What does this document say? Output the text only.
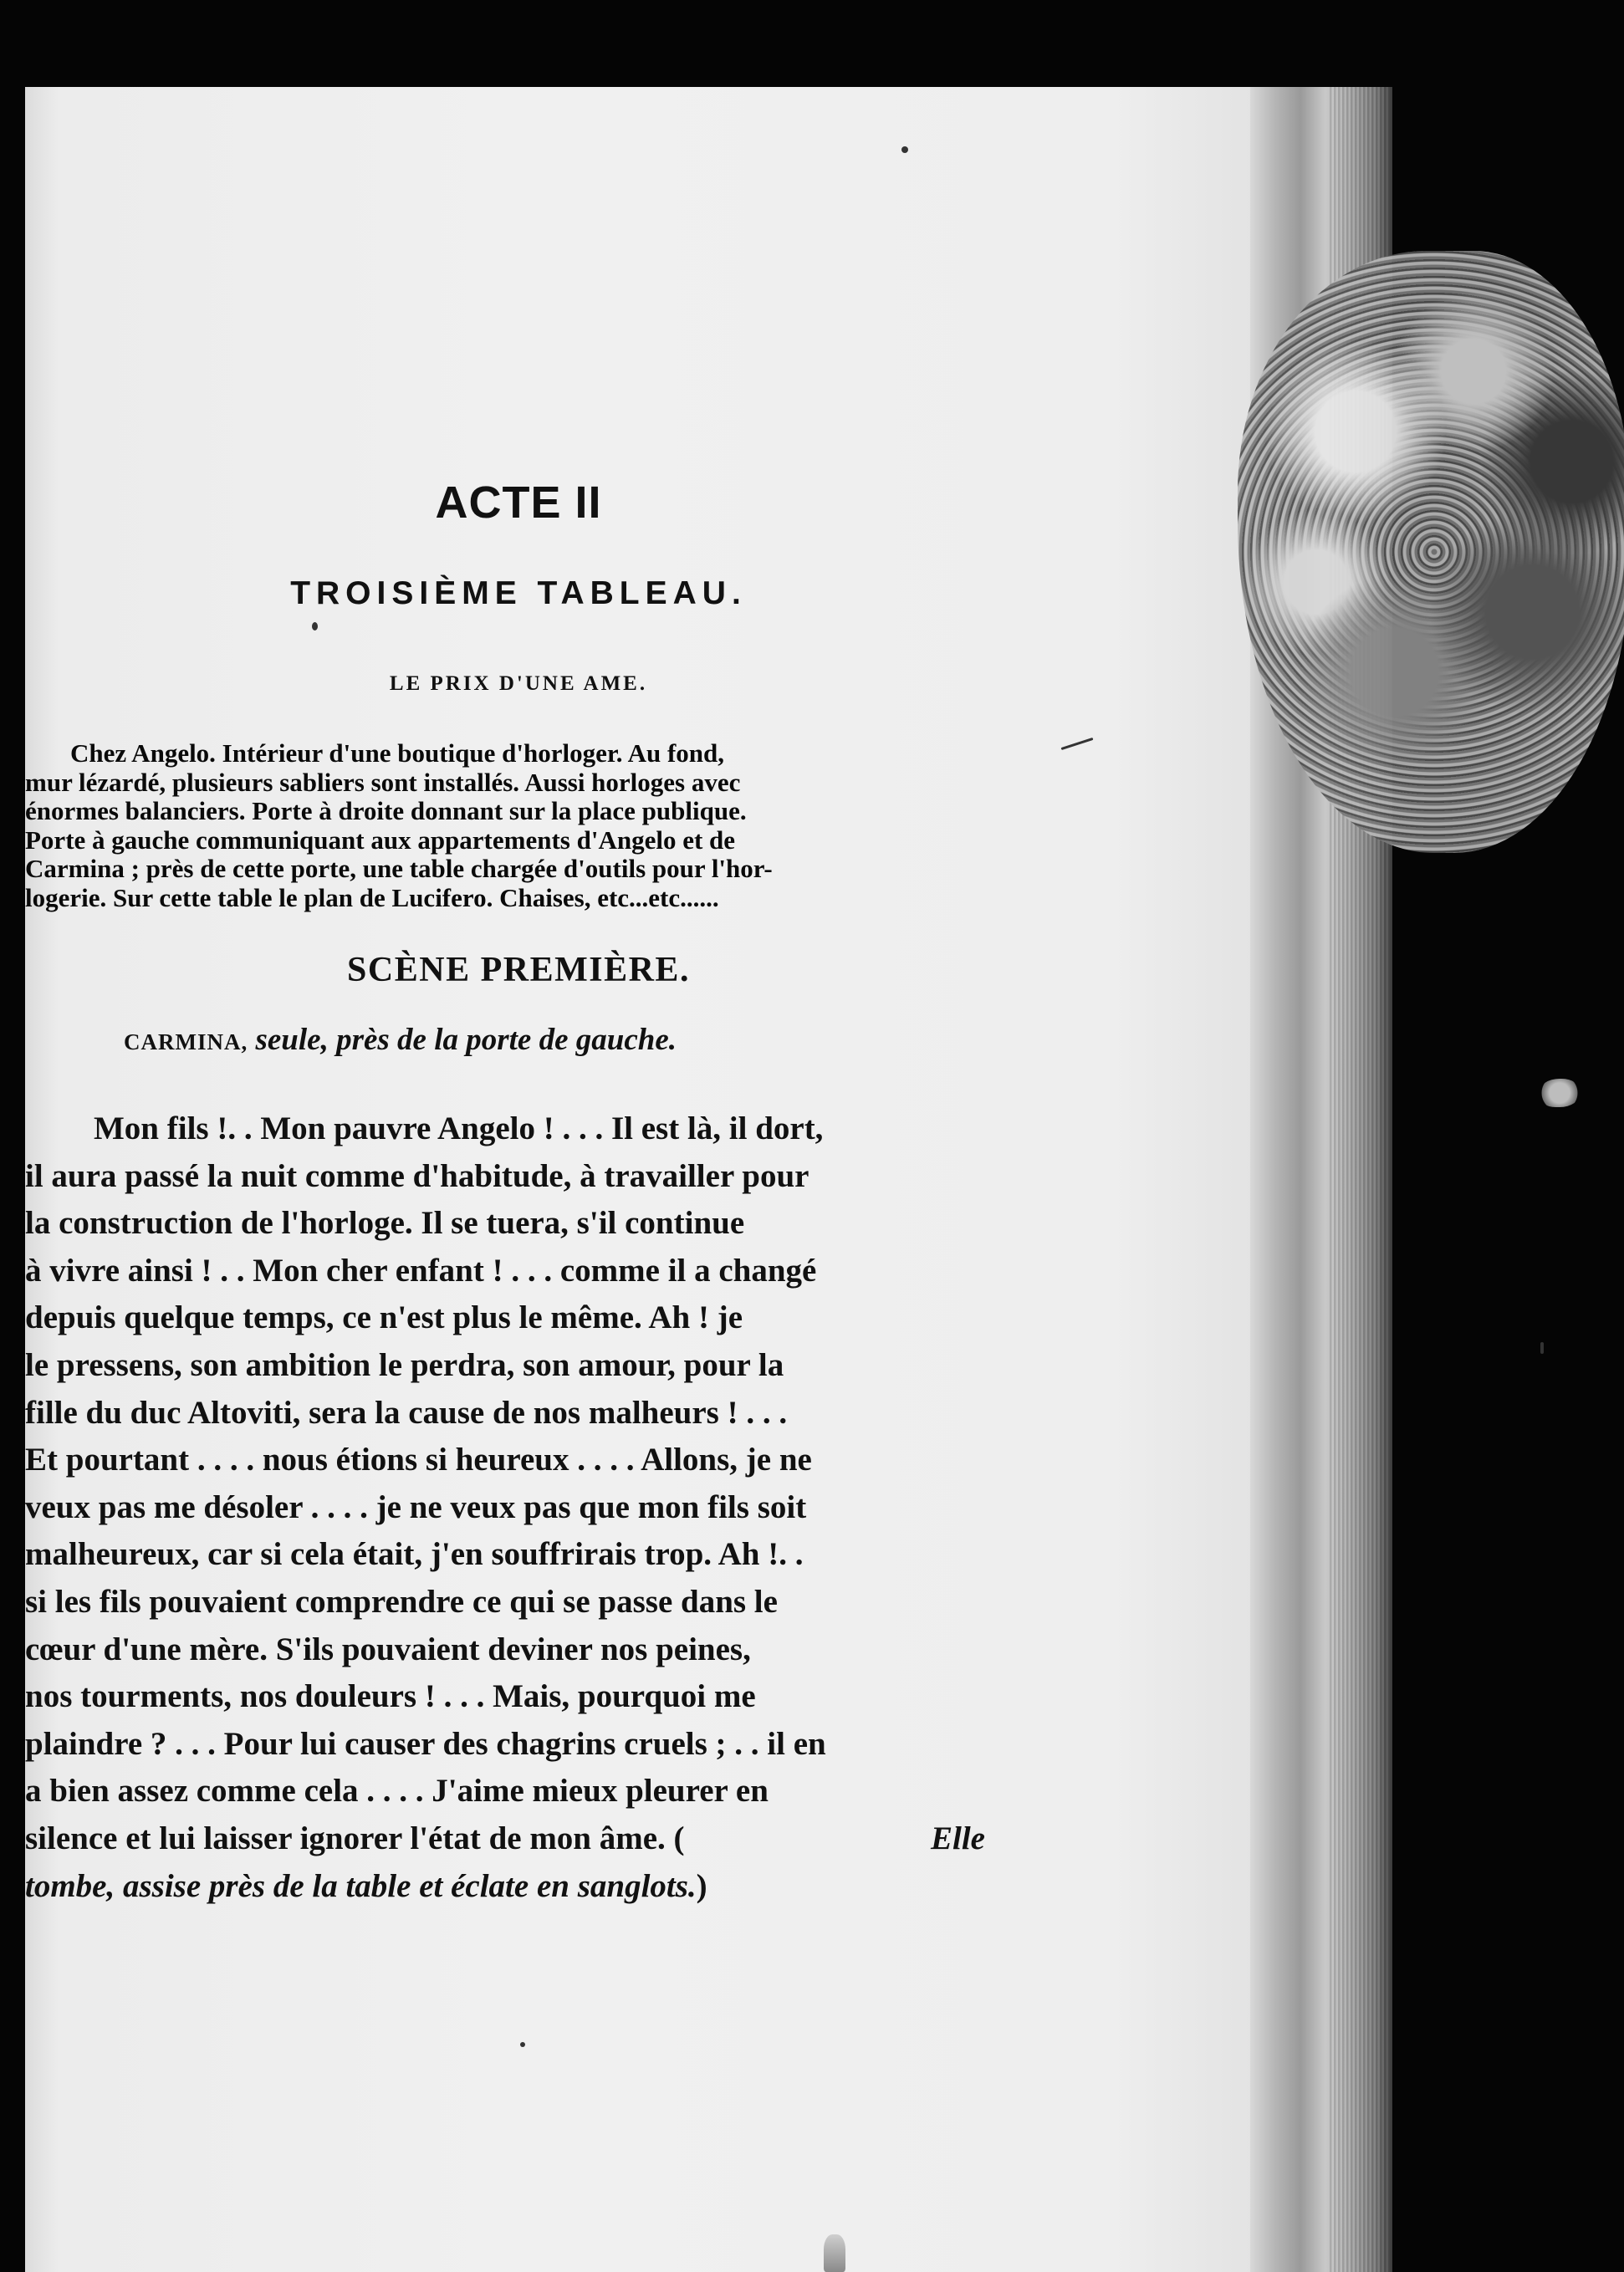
ACTE II
TROISIÈME TABLEAU.
LE PRIX D'UNE AME.
Chez Angelo. Intérieur d'une boutique d'horloger. Au fond,
mur lézardé, plusieurs sabliers sont installés. Aussi horloges avec
énormes balanciers. Porte à droite donnant sur la place publique.
Porte à gauche communiquant aux appartements d'Angelo et de
Carmina ; près de cette porte, une table chargée d'outils pour l'hor-
logerie. Sur cette table le plan de Lucifero. Chaises, etc...etc......
SCÈNE PREMIÈRE.
CARMINA, seule, près de la porte de gauche.
Mon fils !. . Mon pauvre Angelo ! . . . Il est là, il dort,
il aura passé la nuit comme d'habitude, à travailler pour
la construction de l'horloge. Il se tuera, s'il continue
à vivre ainsi ! . . Mon cher enfant ! . . . comme il a changé
depuis quelque temps, ce n'est plus le même. Ah ! je
le pressens, son ambition le perdra, son amour, pour la
fille du duc Altoviti, sera la cause de nos malheurs ! . . .
Et pourtant . . . . nous étions si heureux . . . . Allons, je ne
veux pas me désoler . . . . je ne veux pas que mon fils soit
malheureux, car si cela était, j'en souffrirais trop. Ah !. .
si les fils pouvaient comprendre ce qui se passe dans le
cœur d'une mère. S'ils pouvaient deviner nos peines,
nos tourments, nos douleurs ! . . . Mais, pourquoi me
plaindre ? . . . Pour lui causer des chagrins cruels ; . . il en
a bien assez comme cela . . . . J'aime mieux pleurer en
silence et lui laisser ignorer l'état de mon âme. (	Elle
tombe, assise près de la table et éclate en sanglots. )
